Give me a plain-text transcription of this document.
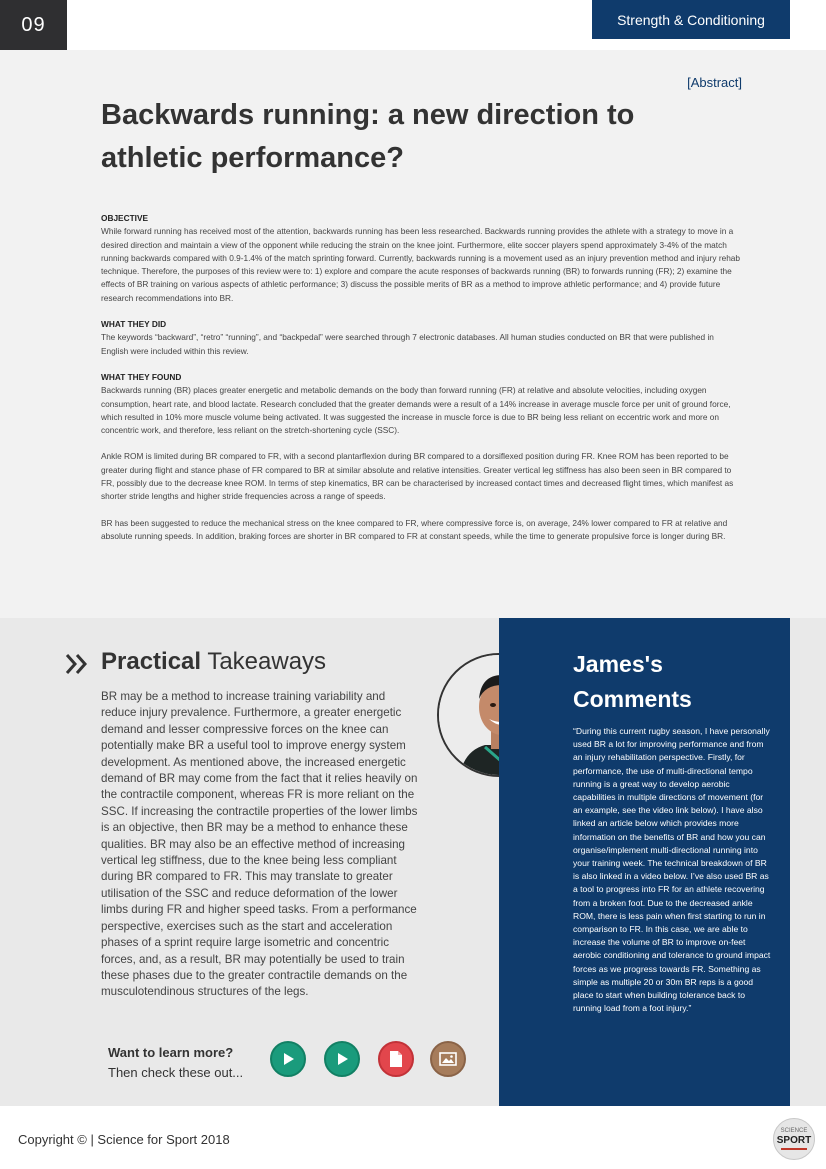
09	Strength & Conditioning
[Abstract]
Backwards running: a new direction to athletic performance?
OBJECTIVE

While forward running has received most of the attention, backwards running has been less researched. Backwards running provides the athlete with a strategy to move in a desired direction and maintain a view of the opponent while reducing the strain on the knee joint. Furthermore, elite soccer players spend approximately 3-4% of the match running backwards compared with 0.9-1.4% of the match sprinting forward. Currently, backwards running is a movement used as an injury prevention method and injury rehab technique. Therefore, the purposes of this review were to: 1) explore and compare the acute responses of backwards running (BR) to forwards running (FR); 2) examine the effects of BR training on various aspects of athletic performance; 3) discuss the possible merits of BR as a method to improve athletic performance; and 4) provide future research recommendations into BR.

WHAT THEY DID

The keywords “backward”, “retro” “running”, and “backpedal” were searched through 7 electronic databases. All human studies conducted on BR that were published in English were included within this review.

WHAT THEY FOUND

Backwards running (BR) places greater energetic and metabolic demands on the body than forward running (FR) at relative and absolute velocities, including oxygen consumption, heart rate, and blood lactate. Research concluded that the greater demands were a result of a 14% increase in average muscle force per unit of ground force, which resulted in 10% more muscle volume being activated. It was suggested the increase in muscle force is due to BR being less reliant on eccentric work and more on concentric work, and therefore, less reliant on the stretch-shortening cycle (SSC).

Ankle ROM is limited during BR compared to FR, with a second plantarflexion during BR compared to a dorsiflexed position during FR. Knee ROM has been reported to be greater during flight and stance phase of FR compared to BR at similar absolute and relative intensities. Greater vertical leg stiffness has also been seen in BR compared to FR, possibly due to the decrease knee ROM. In terms of step kinematics, BR can be characterised by increased contact times and decreased flight times, which manifest as shorter stride lengths and higher stride frequencies across a range of speeds.

BR has been suggested to reduce the mechanical stress on the knee compared to FR, where compressive force is, on average, 24% lower compared to FR at relative and absolute running speeds. In addition, braking forces are shorter in BR compared to FR at constant speeds, while the time to generate propulsive force is longer during BR.

Practical Takeaways

BR may be a method to increase training variability and reduce injury prevalence. Furthermore, a greater energetic demand and lesser compressive forces on the knee can potentially make BR a useful tool to improve energy system development. As mentioned above, the increased energetic demand of BR may come from the fact that it relies heavily on the contractile component, whereas FR is more reliant on the SSC. If increasing the contractile properties of the lower limbs is an objective, then BR may be a method to enhance these qualities. BR may also be an effective method of increasing vertical leg stiffness, due to the knee being less compliant during BR compared to FR. This may translate to greater utilisation of the SSC and reduce deformation of the lower limbs during FR and higher speed tasks. From a performance perspective, exercises such as the start and acceleration phases of a sprint require large isometric and concentric forces, and, as a result, BR may potentially be used to train these phases due to the greater contractile demands on the musculotendinous structures of the legs.

Want to learn more?
Then check these out...
James's
Comments

“During this current rugby season, I have personally used BR a lot for improving performance and from an injury rehabilitation perspective. Firstly, for performance, the use of multi-directional tempo running is a great way to develop aerobic capabilities in multiple directions of movement (for an example, see the video link below). I have also linked an article below which provides more information on the benefits of BR and how you can organise/implement multi-directional running into your training week. The technical breakdown of BR is also linked in a video below. I’ve also used BR as a tool to progress into FR for an athlete recovering from a broken foot. Due to the decreased ankle ROM, there is less pain when first starting to run in comparison to FR. In this case, we are able to increase the volume of BR to improve on-feet aerobic conditioning and tolerance to ground impact forces as we progress towards FR. Something as simple as multiple 20 or 30m BR reps is a good place to start when building tolerance back to running load from a foot injury.”

Copyright © | Science for Sport 2018
SCIENCE
SPORT
